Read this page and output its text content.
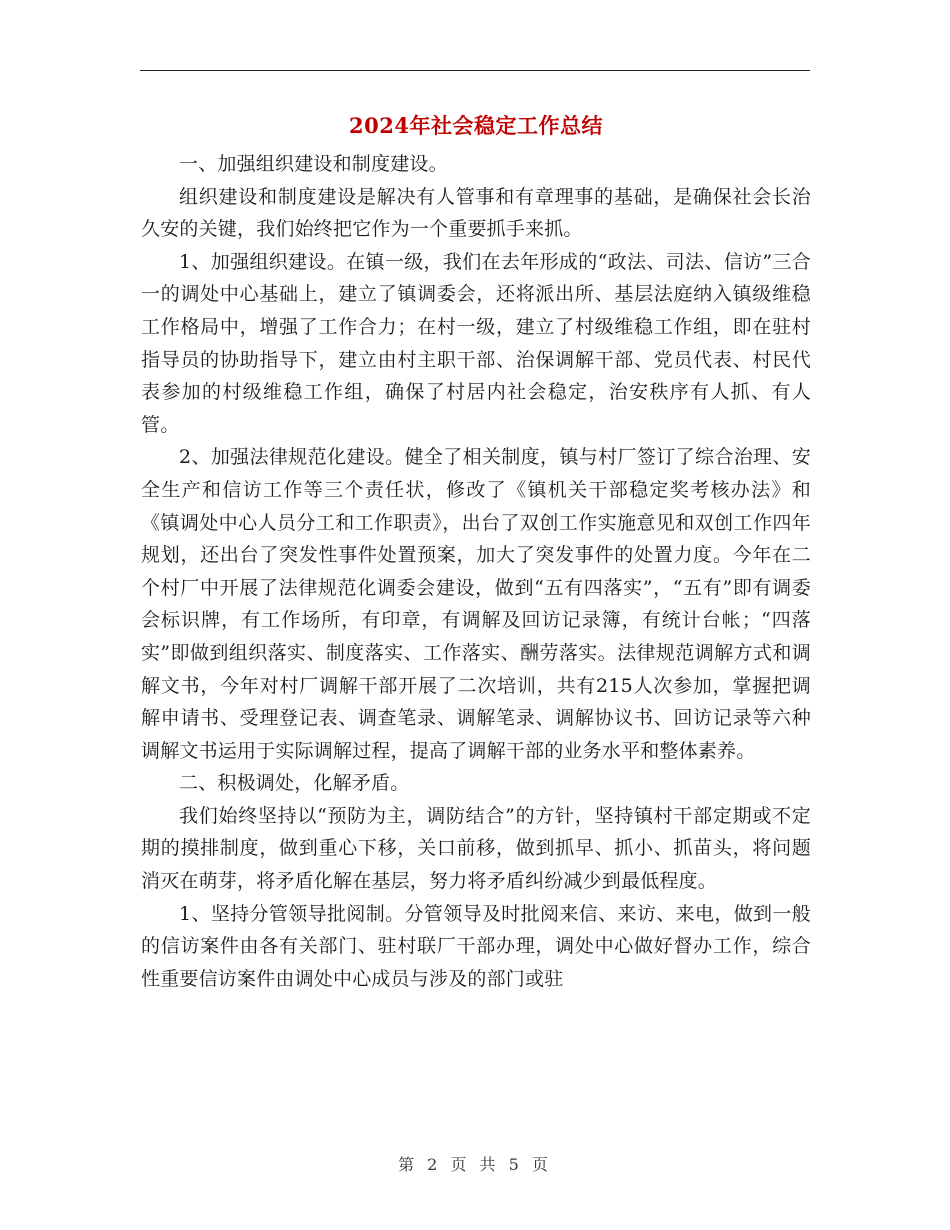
2024年社会稳定工作总结

一、加强组织建设和制度建设。

组织建设和制度建设是解决有人管事和有章理事的基础，是确保社会长治久安的关键，我们始终把它作为一个重要抓手来抓。

1、加强组织建设。在镇一级，我们在去年形成的“政法、司法、信访”三合一的调处中心基础上，建立了镇调委会，还将派出所、基层法庭纳入镇级维稳工作格局中，增强了工作合力；在村一级，建立了村级维稳工作组，即在驻村指导员的协助指导下，建立由村主职干部、治保调解干部、党员代表、村民代表参加的村级维稳工作组，确保了村居内社会稳定，治安秩序有人抓、有人管。

2、加强法律规范化建设。健全了相关制度，镇与村厂签订了综合治理、安全生产和信访工作等三个责任状，修改了《镇机关干部稳定奖考核办法》和《镇调处中心人员分工和工作职责》，出台了双创工作实施意见和双创工作四年规划，还出台了突发性事件处置预案，加大了突发事件的处置力度。今年在二个村厂中开展了法律规范化调委会建设，做到“五有四落实”，“五有”即有调委会标识牌，有工作场所，有印章，有调解及回访记录簿，有统计台帐；“四落实”即做到组织落实、制度落实、工作落实、酬劳落实。法律规范调解方式和调解文书，今年对村厂调解干部开展了二次培训，共有215人次参加，掌握把调解申请书、受理登记表、调查笔录、调解笔录、调解协议书、回访记录等六种调解文书运用于实际调解过程，提高了调解干部的业务水平和整体素养。

二、积极调处，化解矛盾。

我们始终坚持以“预防为主，调防结合”的方针，坚持镇村干部定期或不定期的摸排制度，做到重心下移，关口前移，做到抓早、抓小、抓苗头，将问题消灭在萌芽，将矛盾化解在基层，努力将矛盾纠纷减少到最低程度。

1、坚持分管领导批阅制。分管领导及时批阅来信、来访、来电，做到一般的信访案件由各有关部门、驻村联厂干部办理，调处中心做好督办工作，综合性重要信访案件由调处中心成员与涉及的部门或驻

第 2 页 共 5 页
